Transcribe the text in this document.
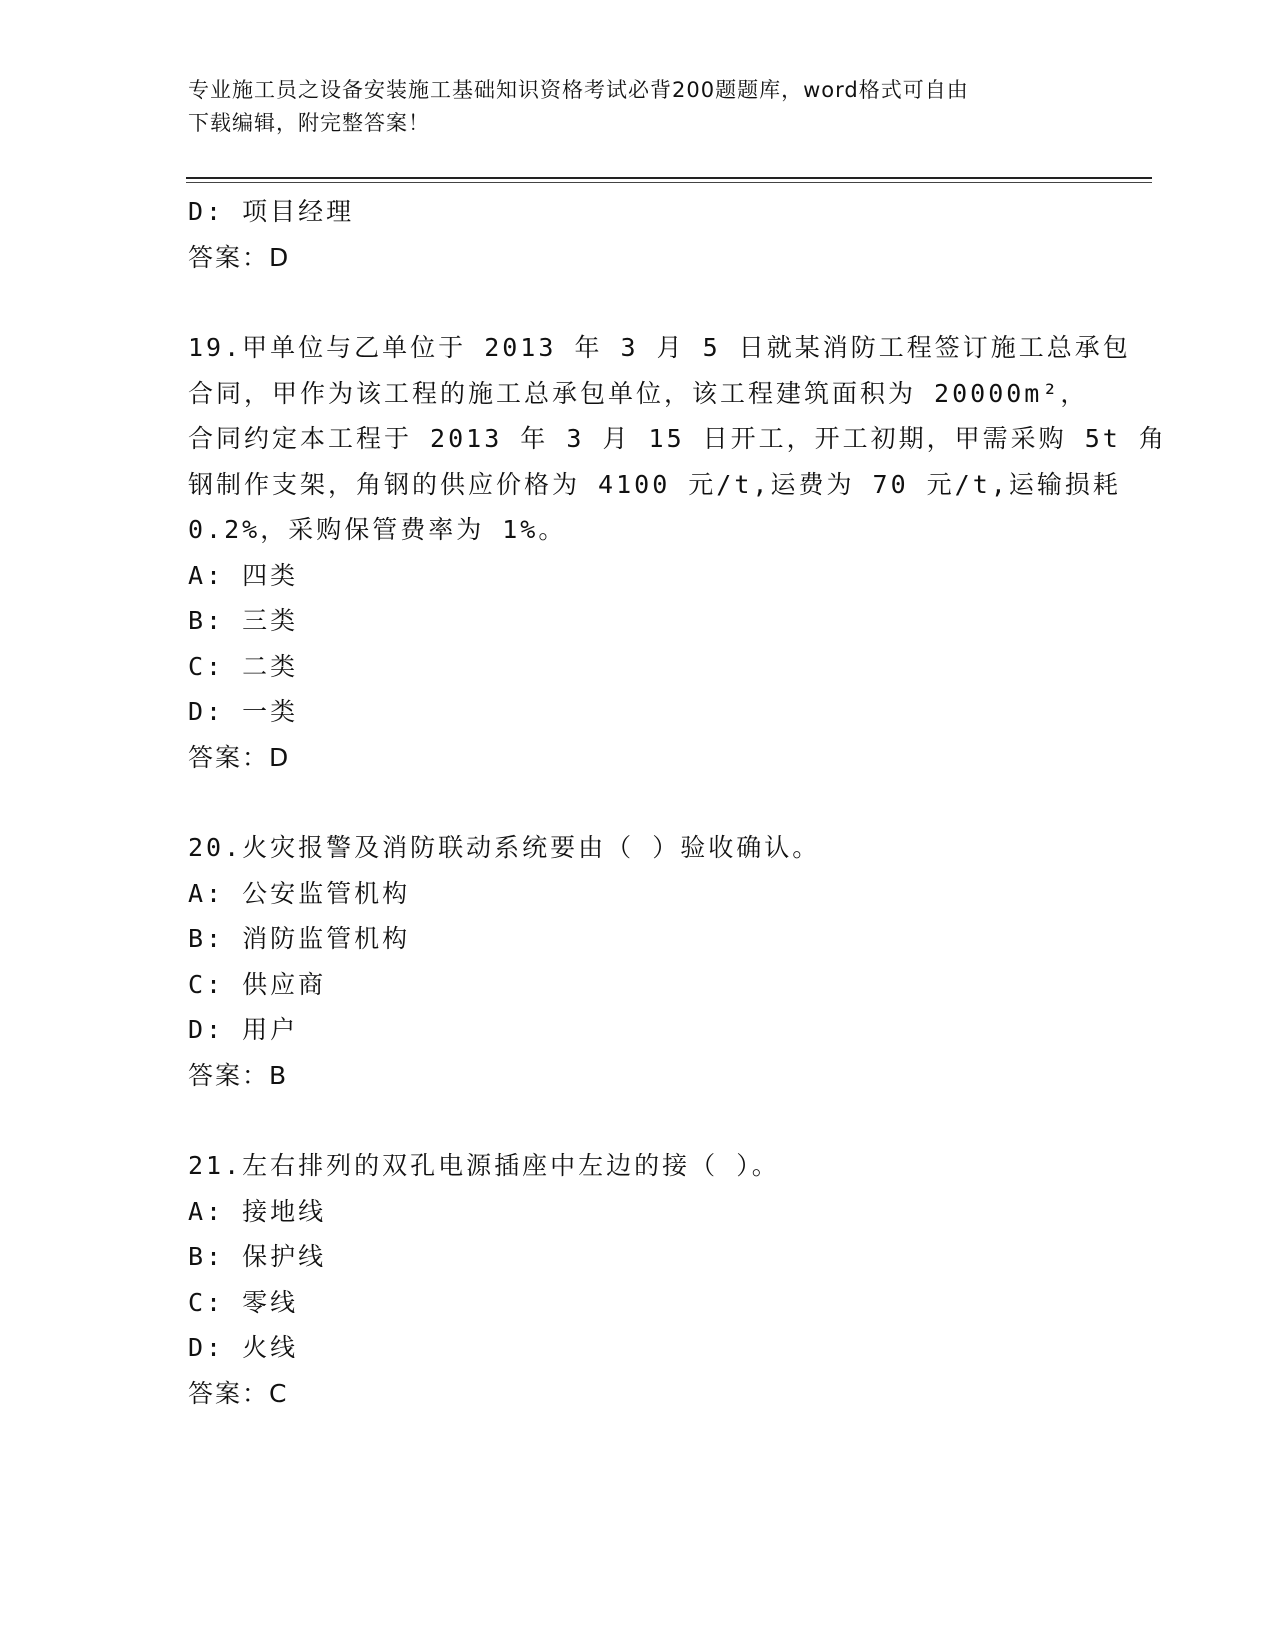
专业施工员之设备安装施工基础知识资格考试必背200题题库，word格式可自由
下载编辑，附完整答案！

D: 项目经理

答案：D

19.甲单位与乙单位于 2013 年 3 月 5 日就某消防工程签订施工总承包
合同，甲作为该工程的施工总承包单位，该工程建筑面积为 20000m²，
合同约定本工程于 2013 年 3 月 15 日开工，开工初期，甲需采购 5t 角
钢制作支架，角钢的供应价格为 4100 元/t,运费为 70 元/t,运输损耗
0.2%，采购保管费率为 1%。

A: 四类

B: 三类

C: 二类

D: 一类

答案：D

20.火灾报警及消防联动系统要由（ ）验收确认。

A: 公安监管机构

B: 消防监管机构

C: 供应商

D: 用户

答案：B

21.左右排列的双孔电源插座中左边的接（ ）。

A: 接地线

B: 保护线

C: 零线

D: 火线

答案：C
